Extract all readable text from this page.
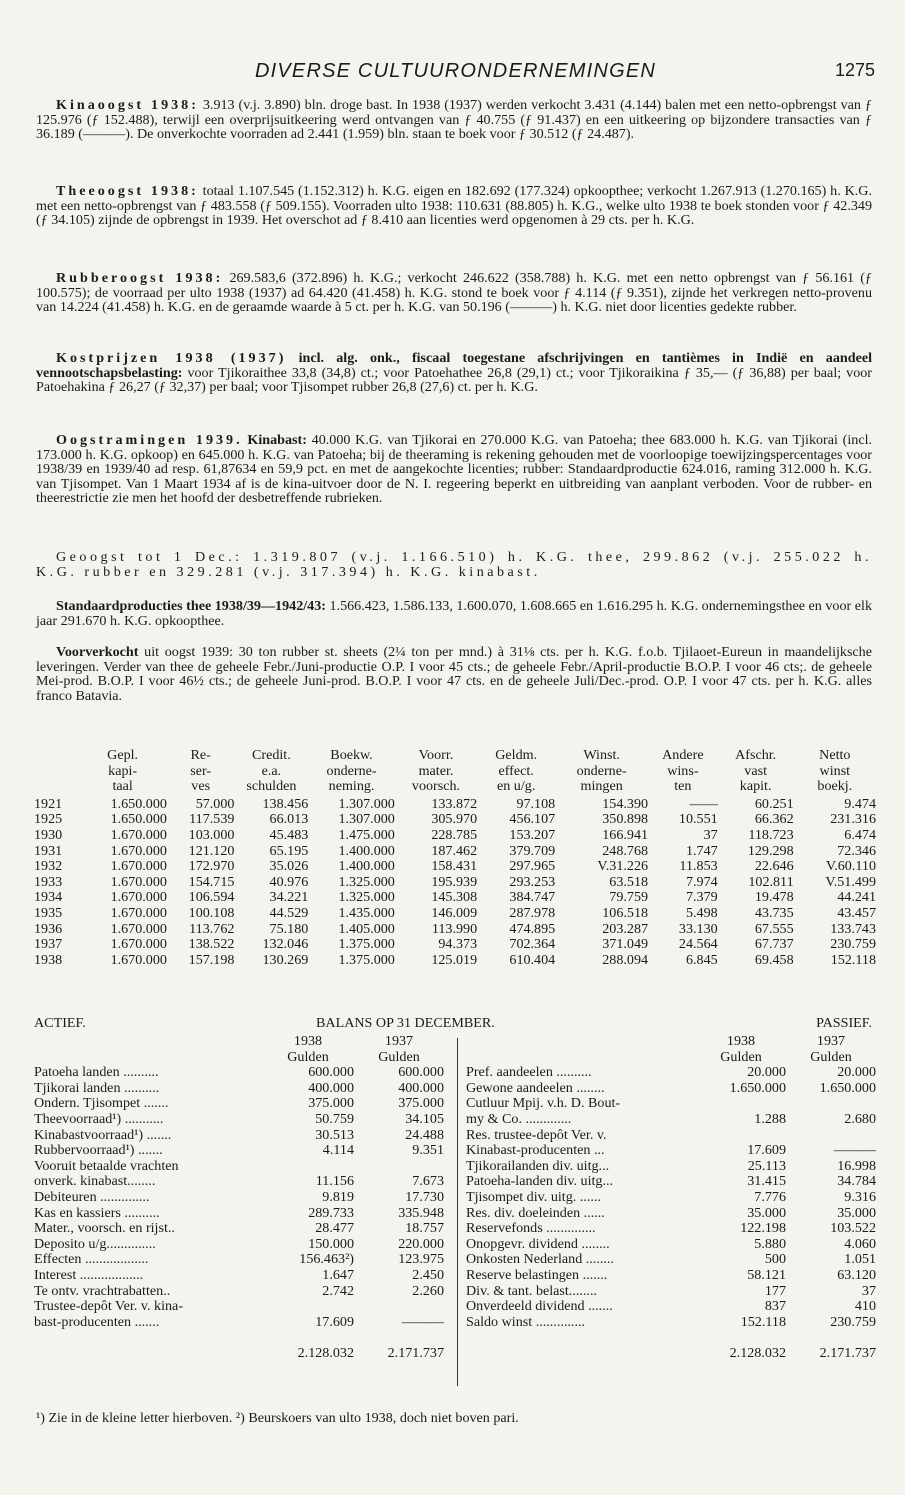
DIVERSE CULTUURONDERNEMINGEN	1275
Kinaoogst 1938: 3.913 (v.j. 3.890) bln. droge bast. In 1938 (1937) werden verkocht 3.431 (4.144) balen met een netto-opbrengst van ƒ 125.976 (ƒ 152.488), terwijl een overprijsuitkeering werd ontvangen van ƒ 40.755 (ƒ 91.437) en een uitkeering op bijzondere transacties van ƒ 36.189 (———). De onverkochte voorraden ad 2.441 (1.959) bln. staan te boek voor ƒ 30.512 (ƒ 24.487).
Theeoogst 1938: totaal 1.107.545 (1.152.312) h. K.G. eigen en 182.692 (177.324) opkoopthee; verkocht 1.267.913 (1.270.165) h. K.G. met een netto-opbrengst van ƒ 483.558 (ƒ 509.155). Voorraden ulto 1938: 110.631 (88.805) h. K.G., welke ulto 1938 te boek stonden voor ƒ 42.349 (ƒ 34.105) zijnde de opbrengst in 1939. Het overschot ad ƒ 8.410 aan licenties werd opgenomen à 29 cts. per h. K.G.
Rubberoogst 1938: 269.583,6 (372.896) h. K.G.; verkocht 246.622 (358.788) h. K.G. met een netto opbrengst van ƒ 56.161 (ƒ 100.575); de voorraad per ulto 1938 (1937) ad 64.420 (41.458) h. K.G. stond te boek voor ƒ 4.114 (ƒ 9.351), zijnde het verkregen netto-provenu van 14.224 (41.458) h. K.G. en de geraamde waarde à 5 ct. per h. K.G. van 50.196 (———) h. K.G. niet door licenties gedekte rubber.
Kostprijzen 1938 (1937) incl. alg. onk., fiscaal toegestane afschrijvingen en tantièmes in Indië en aandeel vennootschapsbelasting: voor Tjikoraithee 33,8 (34,8) ct.; voor Patoehathee 26,8 (29,1) ct.; voor Tjikoraikina ƒ 35,— (ƒ 36,88) per baal; voor Patoehakina ƒ 26,27 (ƒ 32,37) per baal; voor Tjisompet rubber 26,8 (27,6) ct. per h. K.G.
Oogstramingen 1939. Kinabast: 40.000 K.G. van Tjikorai en 270.000 K.G. van Patoeha; thee 683.000 h. K.G. van Tjikorai (incl. 173.000 h. K.G. opkoop) en 645.000 h. K.G. van Patoeha; bij de theeraming is rekening gehouden met de voorloopige toewijzingspercentages voor 1938/39 en 1939/40 ad resp. 61,87634 en 59,9 pct. en met de aangekochte licenties; rubber: Standaardproductie 624.016, raming 312.000 h. K.G. van Tjisompet. Van 1 Maart 1934 af is de kina-uitvoer door de N. I. regeering beperkt en uitbreiding van aanplant verboden. Voor de rubber- en theerestrictie zie men het hoofd der desbetreffende rubrieken.
Geoogst tot 1 Dec.: 1.319.807 (v.j. 1.166.510) h. K.G. thee, 299.862 (v.j. 255.022 h. K.G. rubber en 329.281 (v.j. 317.394) h. K.G. kinabast.
Standaardproducties thee 1938/39—1942/43: 1.566.423, 1.586.133, 1.600.070, 1.608.665 en 1.616.295 h. K.G. ondernemingsthee en voor elk jaar 291.670 h. K.G. opkoopthee.
Voorverkocht uit oogst 1939: 30 ton rubber st. sheets (2¼ ton per mnd.) à 31⅛ cts. per h. K.G. f.o.b. Tjilaoet-Eureun in maandelijksche leveringen. Verder van thee de geheele Febr./Juni-productie O.P. I voor 45 cts.; de geheele Febr./April-productie B.O.P. I voor 46 cts;. de geheele Mei-prod. B.O.P. I voor 46½ cts.; de geheele Juni-prod. B.O.P. I voor 47 cts. en de geheele Juli/Dec.-prod. O.P. I voor 47 cts. per h. K.G. alles franco Batavia.
	Gepl.	Re-	Credit.	Boekw.	Voorr.	Geldm.	Winst.	Andere	Afschr.	Netto
	kapi-	ser-	e.a.	onderne-	mater.	effect.	onderne-	wins-	vast	winst
	taal	ves	schulden	neming.	voorsch.	en u/g.	mingen	ten	kapit.	boekj.
1921	1.650.000	57.000	138.456	1.307.000	133.872	97.108	154.390	——	60.251	9.474
1925	1.650.000	117.539	66.013	1.307.000	305.970	456.107	350.898	10.551	66.362	231.316
1930	1.670.000	103.000	45.483	1.475.000	228.785	153.207	166.941	37	118.723	6.474
1931	1.670.000	121.120	65.195	1.400.000	187.462	379.709	248.768	1.747	129.298	72.346
1932	1.670.000	172.970	35.026	1.400.000	158.431	297.965	V.31.226	11.853	22.646	V.60.110
1933	1.670.000	154.715	40.976	1.325.000	195.939	293.253	63.518	7.974	102.811	V.51.499
1934	1.670.000	106.594	34.221	1.325.000	145.308	384.747	79.759	7.379	19.478	44.241
1935	1.670.000	100.108	44.529	1.435.000	146.009	287.978	106.518	5.498	43.735	43.457
1936	1.670.000	113.762	75.180	1.405.000	113.990	474.895	203.287	33.130	67.555	133.743
1937	1.670.000	138.522	132.046	1.375.000	94.373	702.364	371.049	24.564	67.737	230.759
1938	1.670.000	157.198	130.269	1.375.000	125.019	610.404	288.094	6.845	69.458	152.118
ACTIEF.	BALANS OP 31 DECEMBER.	PASSIEF.
	1938	1937
	Gulden	Gulden
Patoeha landen ..........	600.000	600.000
Tjikorai landen ..........	400.000	400.000
Ondern. Tjisompet .......	375.000	375.000
Theevoorraad¹) ...........	50.759	34.105
Kinabastvoorraad¹) .......	30.513	24.488
Rubbervoorraad¹) .......	4.114	9.351
Vooruit betaalde vrachten		
onverk. kinabast........	11.156	7.673
Debiteuren ..............	9.819	17.730
Kas en kassiers ..........	289.733	335.948
Mater., voorsch. en rijst..	28.477	18.757
Deposito u/g..............	150.000	220.000
Effecten ..................	156.463²)	123.975
Interest ..................	1.647	2.450
Te ontv. vrachtrabatten..	2.742	2.260
Trustee-depôt Ver. v. kina-		
bast-producenten .......	17.609	———
	2.128.032	2.171.737
	1938	1937
	Gulden	Gulden
Pref. aandeelen ..........	20.000	20.000
Gewone aandeelen ........	1.650.000	1.650.000
Cutluur Mpij. v.h. D. Bout-		
my & Co. .............	1.288	2.680
Res. trustee-depôt Ver. v.		
Kinabast-producenten ...	17.609	———
Tjikorailanden div. uitg...	25.113	16.998
Patoeha-landen div. uitg...	31.415	34.784
Tjisompet div. uitg. ......	7.776	9.316
Res. div. doeleinden ......	35.000	35.000
Reservefonds ..............	122.198	103.522
Onopgevr. dividend ........	5.880	4.060
Onkosten Nederland ........	500	1.051
Reserve belastingen .......	58.121	63.120
Div. & tant. belast........	177	37
Onverdeeld dividend .......	837	410
Saldo winst ..............	152.118	230.759
	2.128.032	2.171.737
¹) Zie in de kleine letter hierboven. ²) Beurskoers van ulto 1938, doch niet boven pari.
